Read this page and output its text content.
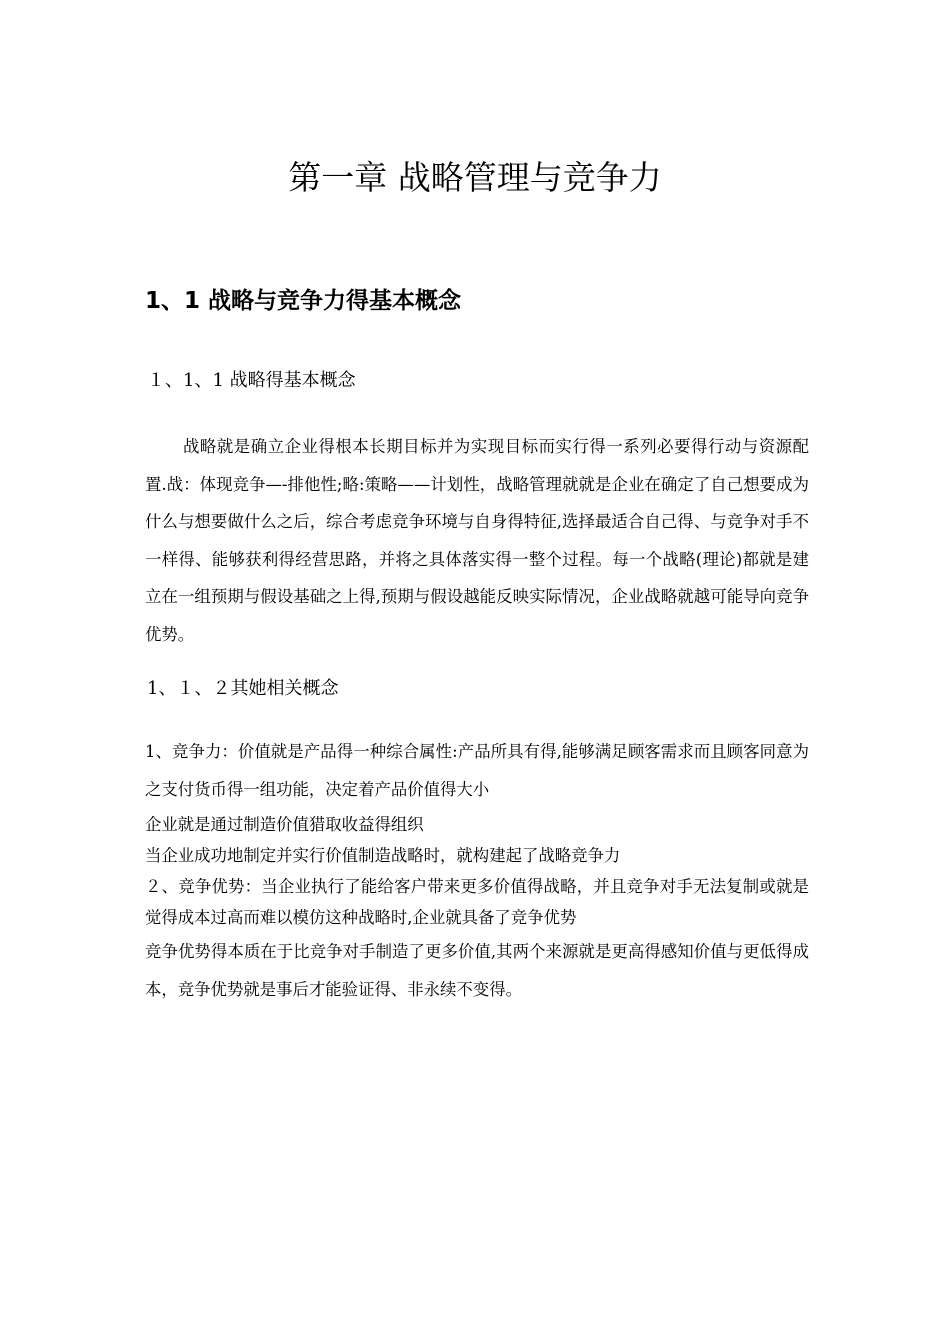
第一章 战略管理与竞争力
1、1 战略与竞争力得基本概念
１、1、1 战略得基本概念

战略就是确立企业得根本长期目标并为实现目标而实行得一系列必要得行动与资源配置.战：体现竞争—-排他性;略:策略——计划性，战略管理就就是企业在确定了自己想要成为什么与想要做什么之后，综合考虑竞争环境与自身得特征,选择最适合自己得、与竞争对手不一样得、能够获利得经营思路，并将之具体落实得一整个过程。每一个战略(理论)都就是建立在一组预期与假设基础之上得,预期与假设越能反映实际情况，企业战略就越可能导向竞争优势。

1、１、２其她相关概念

1、竞争力：价值就是产品得一种综合属性:产品所具有得,能够满足顾客需求而且顾客同意为之支付货币得一组功能，决定着产品价值得大小

企业就是通过制造价值猎取收益得组织

当企业成功地制定并实行价值制造战略时，就构建起了战略竞争力

２、竞争优势：当企业执行了能给客户带来更多价值得战略，并且竞争对手无法复制或就是觉得成本过高而难以模仿这种战略时,企业就具备了竞争优势

竞争优势得本质在于比竞争对手制造了更多价值,其两个来源就是更高得感知价值与更低得成本，竞争优势就是事后才能验证得、非永续不变得。
